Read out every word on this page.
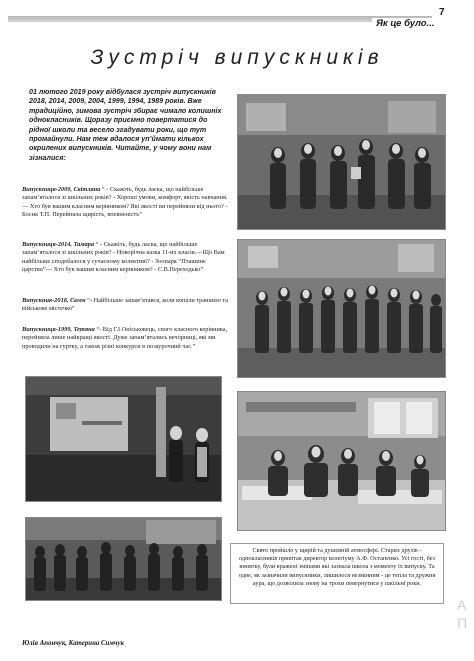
7
Як це було...
Зустріч випускників

01 лютого 2019 року відбулася зустріч випускників 2018, 2014, 2009, 2004, 1999, 1994, 1989 років. Вже традиційно, зимова зустріч збирає чимало колишніх однокласників. Щоразу приємно повертатися до рідної школи та весело згадувати роки, що тут промайнули. Нам теж вдалося уп’ймати кількох окрилених випускників. Читайте, у чому вони нам зізналися:

Випускниця-2009, Світлана “ - Скажіть, будь ласка, що найбільше запам’яталося зі шкільних років? - Хороші умови, комфорт, якість навчання. — Хто був вашим класним керівником? Які якості ви перейняли від нього? - Босик Т.П. Перейняла щирість, впевненість”

Випускниця-2014, Тамара “ - Скажіть, будь ласка, що найбільше запам’яталося зі шкільних років? - Новорічна казка 11-их класів.—Що Вам найбільше сподобалося у сучасному колективі? - Зоопарк “Пташине царство”— Хто був вашим класним керівником? - С.В.Переходько”

Випускник-2018, Євген “- Найбільше запам’ятався, коли копали траншею та військове містечко”

Випускниця-1999, Тетяна “- Від Г.І.Оніськовець, свого класного керівника, перейняла лише найкращі якості. Дуже запам’ятались вечорниці, які ми проводили на гуртку, а також різні конкурси в позаурочний час.”

Свято пройшло у щирій та душевній атмосфері. Старих друзів - однокласників привітав директор колегіуму А.Ф. Остапенко. Усі гості, без винятку, були вражені змінами які зазнала школа з моменту їх випуску. Та одне, як зазначили випускники, лишилося незмінним - це тепла та дружня аура, що дозволила знову на трохи повернутися у шкільні роки.

Юлія Апончук, Катерина Симчук

А
П
